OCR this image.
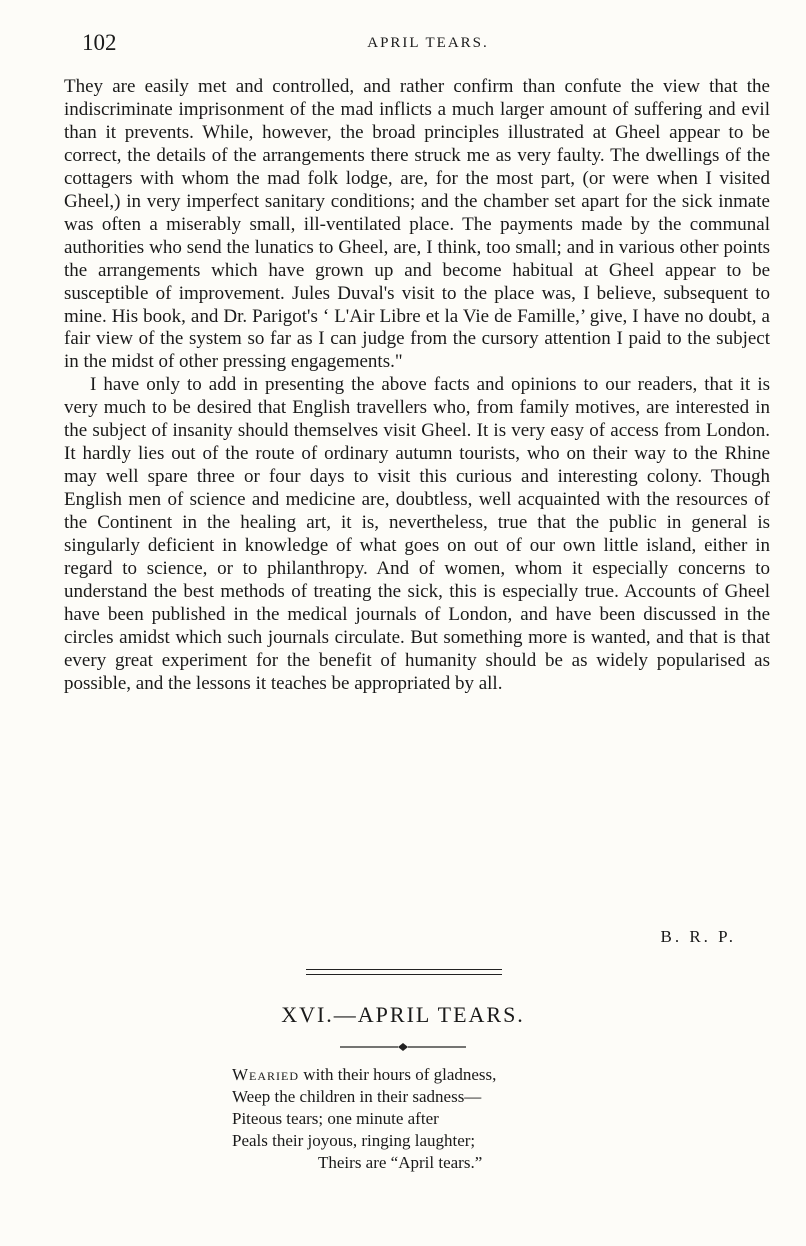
102	APRIL TEARS.

They are easily met and controlled, and rather confirm than confute the view that the indiscriminate imprisonment of the mad inflicts a much larger amount of suffering and evil than it prevents. While, however, the broad principles illustrated at Gheel appear to be correct, the details of the arrangements there struck me as very faulty. The dwellings of the cottagers with whom the mad folk lodge, are, for the most part, (or were when I visited Gheel,) in very imperfect sanitary conditions; and the chamber set apart for the sick inmate was often a miserably small, ill-ventilated place. The payments made by the communal authorities who send the lunatics to Gheel, are, I think, too small; and in various other points the arrangements which have grown up and become habitual at Gheel appear to be susceptible of improvement. Jules Duval's visit to the place was, I believe, subsequent to mine. His book, and Dr. Parigot's ‘ L'Air Libre et la Vie de Famille,’ give, I have no doubt, a fair view of the system so far as I can judge from the cursory attention I paid to the subject in the midst of other pressing engagements."

I have only to add in presenting the above facts and opinions to our readers, that it is very much to be desired that English travellers who, from family motives, are interested in the subject of insanity should themselves visit Gheel. It is very easy of access from London. It hardly lies out of the route of ordinary autumn tourists, who on their way to the Rhine may well spare three or four days to visit this curious and interesting colony. Though English men of science and medicine are, doubtless, well acquainted with the resources of the Continent in the healing art, it is, nevertheless, true that the public in general is singularly deficient in knowledge of what goes on out of our own little island, either in regard to science, or to philanthropy. And of women, whom it especially concerns to understand the best methods of treating the sick, this is especially true. Accounts of Gheel have been published in the medical journals of London, and have been discussed in the circles amidst which such journals circulate. But something more is wanted, and that is that every great experiment for the benefit of humanity should be as widely popularised as possible, and the lessons it teaches be appropriated by all.

B. R. P.
XVI.—APRIL TEARS.
Wearied with their hours of gladness,
Weep the children in their sadness—
Piteous tears; one minute after
Peals their joyous, ringing laughter;
Theirs are “April tears.”
